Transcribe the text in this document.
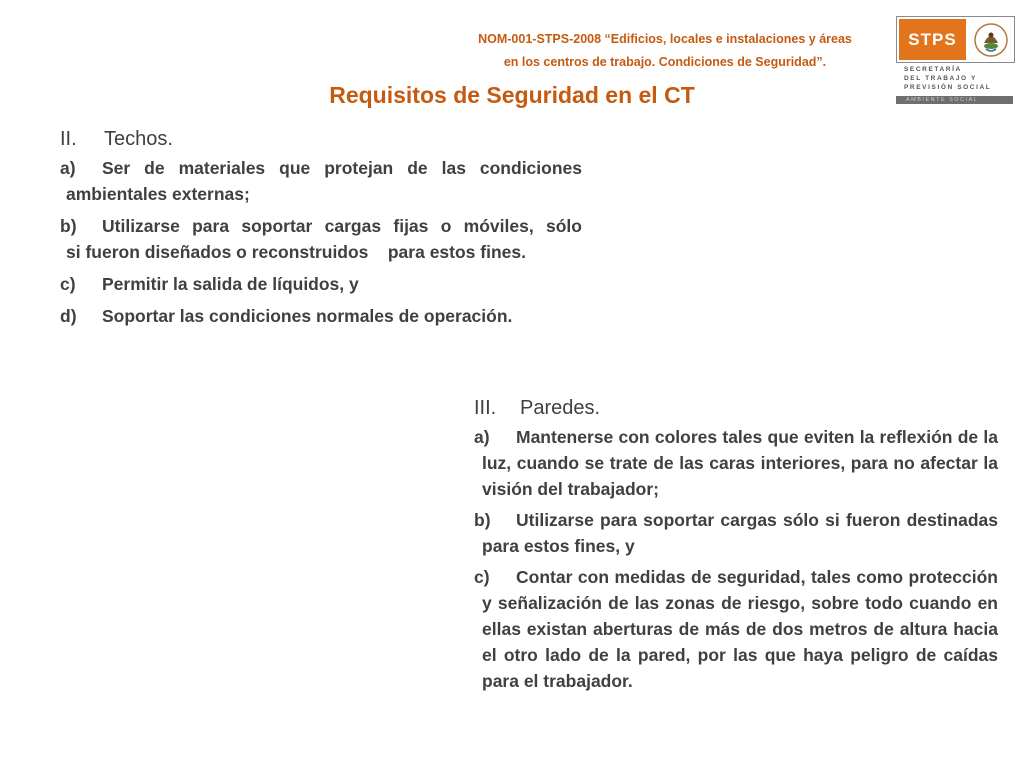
NOM-001-STPS-2008 “Edificios, locales e instalaciones y áreas
en los centros de trabajo. Condiciones de Seguridad”.
Requisitos de Seguridad en el CT
STPS
SECRETARÍA
DEL TRABAJO Y
PREVISIÓN SOCIAL
AMBIENTE SOCIAL
II. Techos.
a) Ser de materiales que protejan de las condiciones
ambientales externas;
b) Utilizarse para soportar cargas fijas o móviles, sólo
si fueron diseñados o reconstruidos    para estos fines.
c) Permitir la salida de líquidos, y
d) Soportar las condiciones normales de operación.
III. Paredes.
a) Mantenerse con colores tales que eviten la reflexión de la luz, cuando se trate de las caras interiores, para no afectar la visión del trabajador;
b) Utilizarse para soportar cargas sólo si fueron destinadas para estos fines, y
c) Contar con medidas de seguridad, tales como protección y señalización de las zonas de riesgo, sobre todo cuando en ellas existan aberturas de más de dos metros de altura hacia el otro lado de la pared, por las que haya peligro de caídas para el trabajador.
